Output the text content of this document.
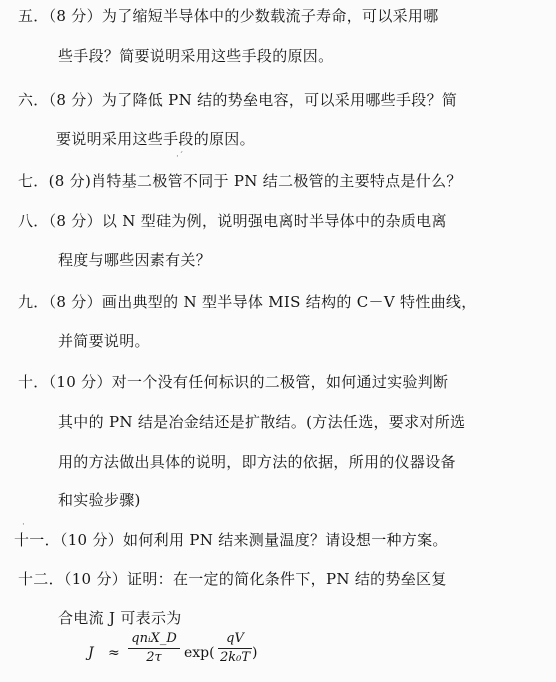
五．（8 分）为了缩短半导体中的少数载流子寿命，可以采用哪
些手段？简要说明采用这些手段的原因。
六．（8 分）为了降低 PN 结的势垒电容，可以采用哪些手段？简
要说明采用这些手段的原因。
七．(8 分)肖特基二极管不同于 PN 结二极管的主要特点是什么？
八．（8 分）以 N 型硅为例，说明强电离时半导体中的杂质电离
程度与哪些因素有关？
九．（8 分）画出典型的 N 型半导体 MIS 结构的 C－V 特性曲线，
并简要说明。
十．（10 分）对一个没有任何标识的二极管，如何通过实验判断
其中的 PN 结是冶金结还是扩散结。(方法任选，要求对所选
用的方法做出具体的说明，即方法的依据，所用的仪器设备
和实验步骤)
十一．（10 分）如何利用 PN 结来测量温度？请设想一种方案。
十二．（10 分）证明：在一定的简化条件下，PN 结的势垒区复
合电流 J 可表示为
J ≈
qnᵢX_D
2τ	exp(
qV
2k₀T )
·´
·
